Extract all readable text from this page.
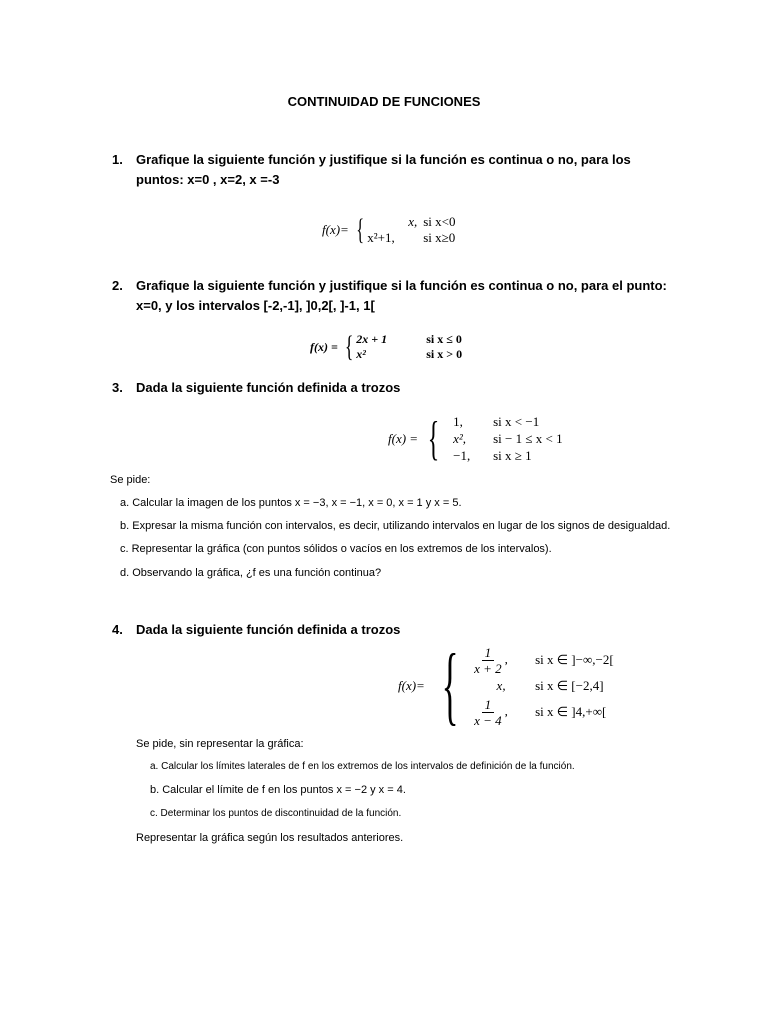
CONTINUIDAD DE FUNCIONES
1. Grafique la siguiente función y justifique si la función es continua o no, para los puntos: x=0 , x=2, x =-3
f(x)= {	x, si x<0
x²+1,	si x≥0
2. Grafique la siguiente función y justifique si la función es continua o no, para el punto: x=0, y los intervalos [-2,-1], ]0,2[, ]-1, 1[
f(x) = { 2x + 1	si x ≤ 0
x²	si x > 0
3. Dada la siguiente función definida a trozos
f(x) = {	1,	si x < −1
x²,	si − 1 ≤ x < 1
−1,	si x ≥ 1
Se pide:
a. Calcular la imagen de los puntos x = −3, x = −1, x = 0, x = 1 y x = 5.
b. Expresar la misma función con intervalos, es decir, utilizando intervalos en lugar de los signos de desigualdad.
c. Representar la gráfica (con puntos sólidos o vacíos en los extremos de los intervalos).
d. Observando la gráfica, ¿f es una función continua?
4. Dada la siguiente función definida a trozos
f(x)= { $\frac{1}{x + 2}$ ,	si x ∈ ]−∞,−2[
x,	si x ∈ [−2,4]
$\frac{1}{x - 4}$ ,	si x ∈ ]4,+∞[
Se pide, sin representar la gráfica:
a. Calcular los límites laterales de f en los extremos de los intervalos de definición de la función.
b. Calcular el límite de f en los puntos x = −2 y x = 4.
c. Determinar los puntos de discontinuidad de la función.
Representar la gráfica según los resultados anteriores.
